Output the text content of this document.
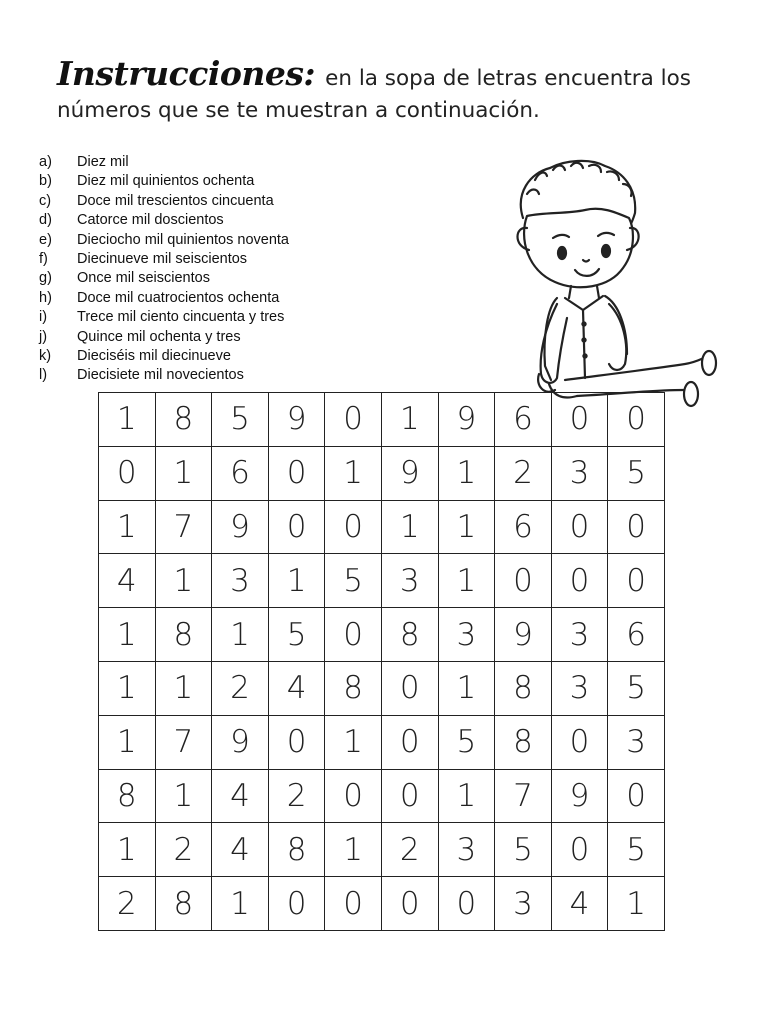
Instrucciones: en la sopa de letras encuentra los números que se te muestran a continuación.
a)	Diez mil
b)	Diez mil quinientos ochenta
c)	Doce mil trescientos cincuenta
d)	Catorce mil doscientos
e)	Dieciocho mil quinientos noventa
f)	Diecinueve mil seiscientos
g)	Once mil seiscientos
h)	Doce mil cuatrocientos ochenta
i)	Trece mil ciento cincuenta y tres
j)	Quince mil ochenta y tres
k)	Dieciséis mil diecinueve
l)	Diecisiete mil novecientos
1	8	5	9	0	1	9	6	0	0
0	1	6	0	1	9	1	2	3	5
1	7	9	0	0	1	1	6	0	0
4	1	3	1	5	3	1	0	0	0
1	8	1	5	0	8	3	9	3	6
1	1	2	4	8	0	1	8	3	5
1	7	9	0	1	0	5	8	0	3
8	1	4	2	0	0	1	7	9	0
1	2	4	8	1	2	3	5	0	5
2	8	1	0	0	0	0	3	4	1
